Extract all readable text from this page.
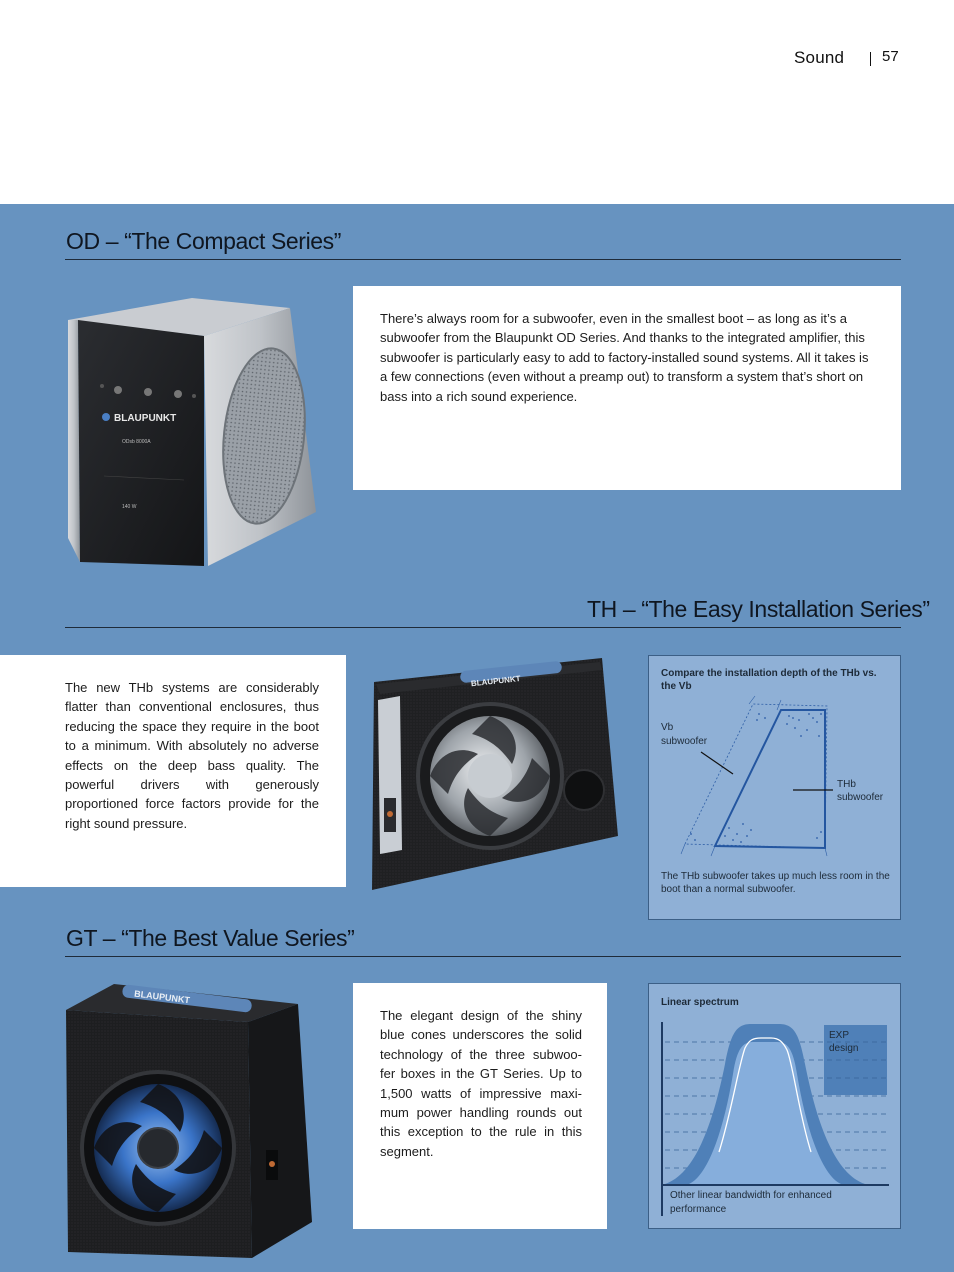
Sound	57
OD – “The Compact Series”
BLAUPUNKT
ODsb 8000A
140 W
There’s always room for a subwoofer, even in the smallest boot – as long as it’s a subwoofer from the Blaupunkt OD Series. And thanks to the integrated amplifier, this subwoofer is particularly easy to add to factory-installed sound systems. All it takes is a few connections (even without a preamp out) to transform a system that’s short on bass into a rich sound experience.
TH – “The Easy Installation Series”
The new THb systems are considerably flatter than conventional enclosures, thus reducing the space they require in the boot to a minimum. With absolutely no adverse effects on the deep bass quality. The powerful drivers with generously proportioned force factors provide for the right sound pressure.
BLAUPUNKT
Compare the installation depth of the THb vs. the Vb
Vb
subwoofer
THb
subwoofer
The THb subwoofer takes up much less room in the boot than a normal subwoofer.
GT – “The Best Value Series”
BLAUPUNKT
The elegant design of the shiny
blue cones underscores the solid
technology of the three subwoo-
fer boxes in the GT Series. Up to
1,500 watts of impressive maxi-
mum power handling rounds out
this exception to the rule in this
segment.
Linear spectrum
EXP
design
Other linear bandwidth for enhanced
performance
